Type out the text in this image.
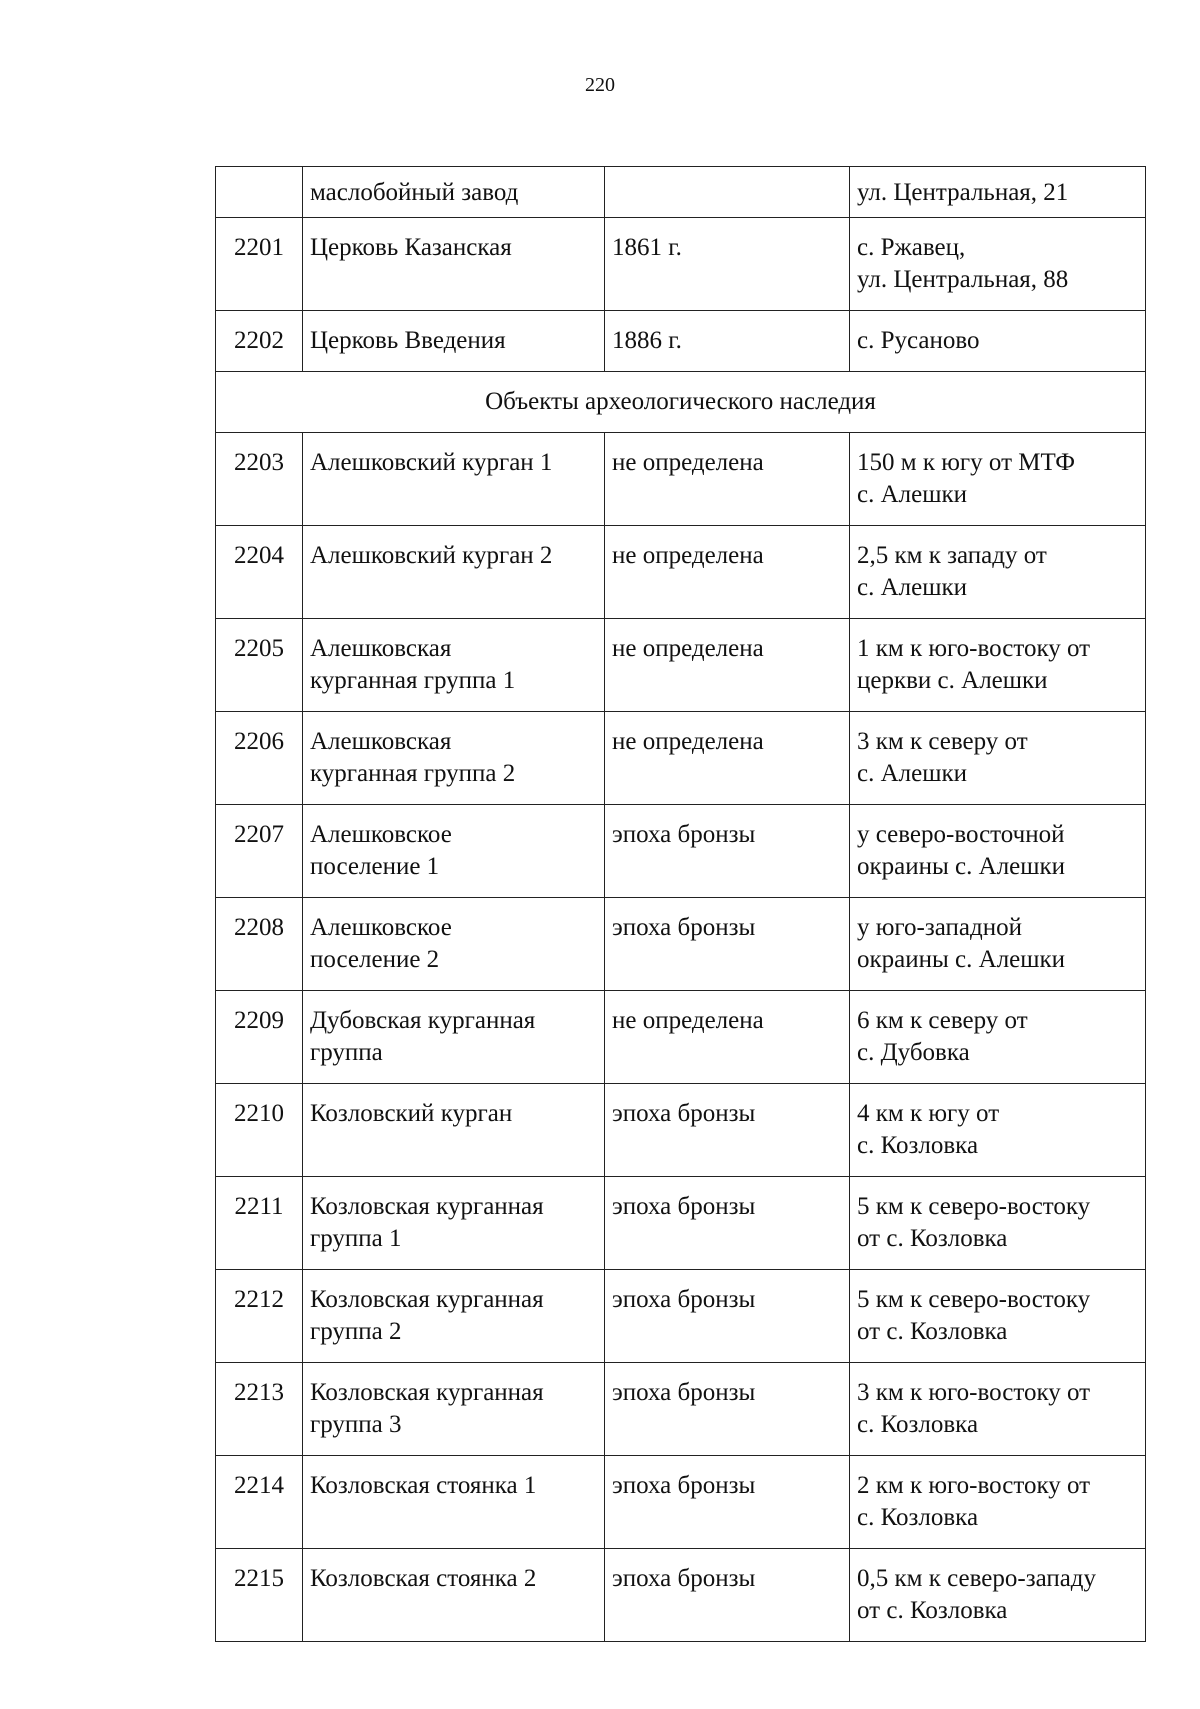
220
	маслобойный завод		ул. Центральная, 21
2201	Церковь Казанская	1861 г.	с. Ржавец,
ул. Центральная, 88
2202	Церковь Введения	1886 г.	с. Русаново
Объекты археологического наследия			
2203	Алешковский курган 1	не определена	150 м к югу от МТФ
с. Алешки
2204	Алешковский курган 2	не определена	2,5 км к западу от
с. Алешки
2205	Алешковская
курганная группа 1	не определена	1 км к юго-востоку от
церкви с. Алешки
2206	Алешковская
курганная группа 2	не определена	3 км к северу от
с. Алешки
2207	Алешковское
поселение 1	эпоха бронзы	у северо-восточной
окраины с. Алешки
2208	Алешковское
поселение 2	эпоха бронзы	у юго-западной
окраины с. Алешки
2209	Дубовская курганная
группа	не определена	6 км к северу от
с. Дубовка
2210	Козловский курган	эпоха бронзы	4 км к югу от
с. Козловка
2211	Козловская курганная
группа 1	эпоха бронзы	5 км к северо-востоку
от с. Козловка
2212	Козловская курганная
группа 2	эпоха бронзы	5 км к северо-востоку
от с. Козловка
2213	Козловская курганная
группа 3	эпоха бронзы	3 км к юго-востоку от
с. Козловка
2214	Козловская стоянка 1	эпоха бронзы	2 км к юго-востоку от
с. Козловка
2215	Козловская стоянка 2	эпоха бронзы	0,5 км к северо-западу
от с. Козловка
